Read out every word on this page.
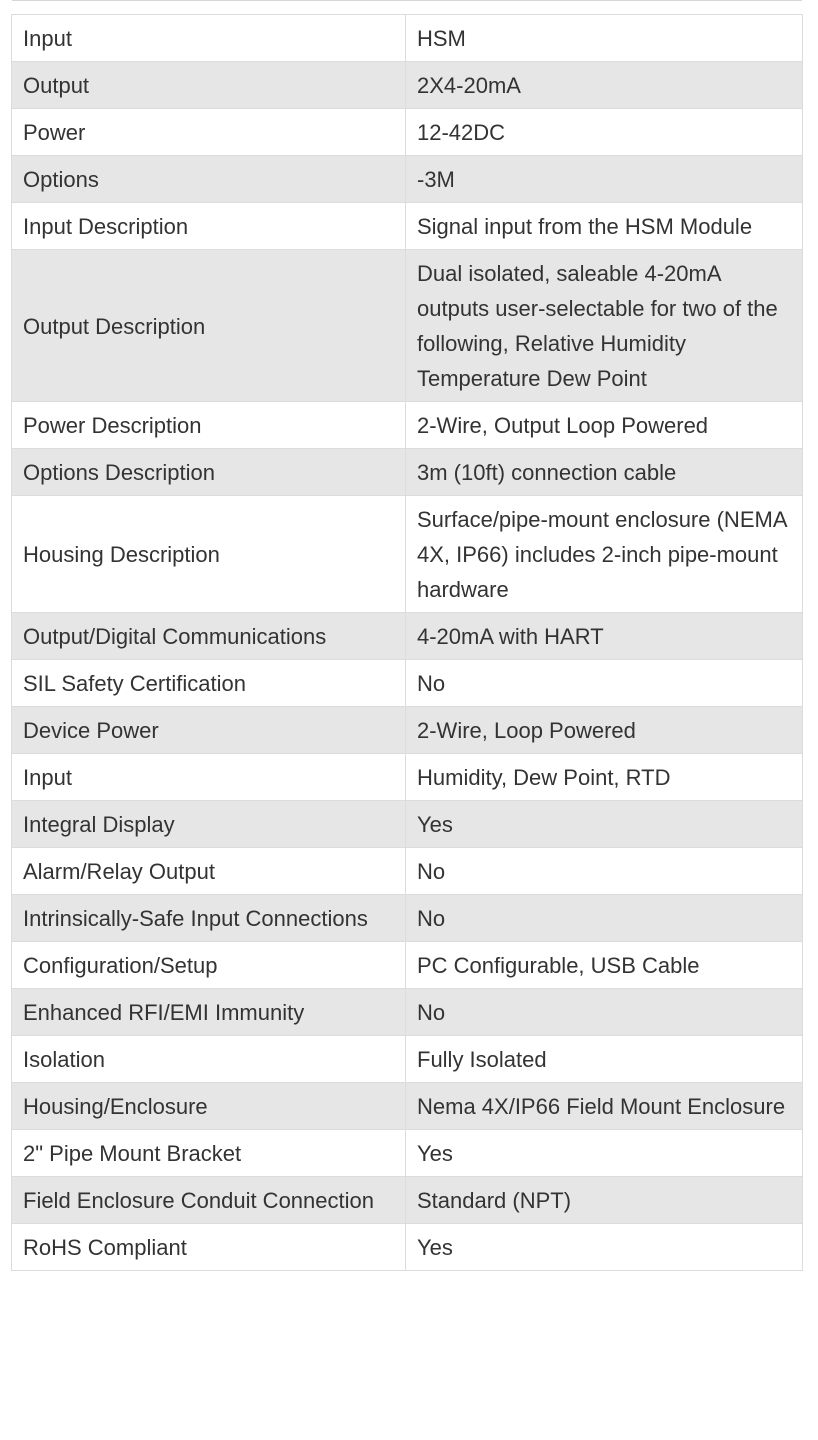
Input	HSM
Output	2X4-20mA
Power	12-42DC
Options	-3M
Input Description	Signal input from the HSM Module
Output Description	Dual isolated, saleable 4-20mA outputs user-selectable for two of the following, Relative Humidity Temperature Dew Point
Power Description	2-Wire, Output Loop Powered
Options Description	3m (10ft) connection cable
Housing Description	Surface/pipe-mount enclosure (NEMA 4X, IP66) includes 2-inch pipe-mount hardware
Output/Digital Communications	4-20mA with HART
SIL Safety Certification	No
Device Power	2-Wire, Loop Powered
Input	Humidity, Dew Point, RTD
Integral Display	Yes
Alarm/Relay Output	No
Intrinsically-Safe Input Connections	No
Configuration/Setup	PC Configurable, USB Cable
Enhanced RFI/EMI Immunity	No
Isolation	Fully Isolated
Housing/Enclosure	Nema 4X/IP66 Field Mount Enclosure
2" Pipe Mount Bracket	Yes
Field Enclosure Conduit Connection	Standard (NPT)
RoHS Compliant	Yes
